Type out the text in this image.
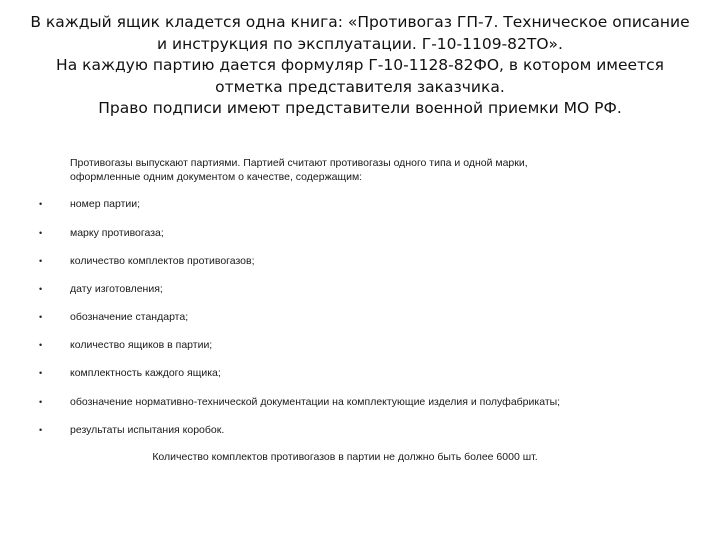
В каждый ящик кладется одна книга: «Противогаз ГП-7. Техническое описание
и инструкция по эксплуатации. Г-10-1109-82ТО».
На каждую партию дается формуляр Г-10-1128-82ФО, в котором имеется
отметка представителя заказчика.
Право подписи имеют представители военной приемки МО РФ.
Противогазы выпускают партиями. Партией считают противогазы одного типа и одной марки,
оформленные одним документом о качестве, содержащим:
•	номер партии;
•	марку противогаза;
•	количество комплектов противогазов;
•	дату изготовления;
•	обозначение стандарта;
•	количество ящиков в партии;
•	комплектность каждого ящика;
•	обозначение нормативно-технической документации на комплектующие изделия и полуфабрикаты;
•	результаты испытания коробок.
Количество комплектов противогазов в партии не должно быть более 6000 шт.
